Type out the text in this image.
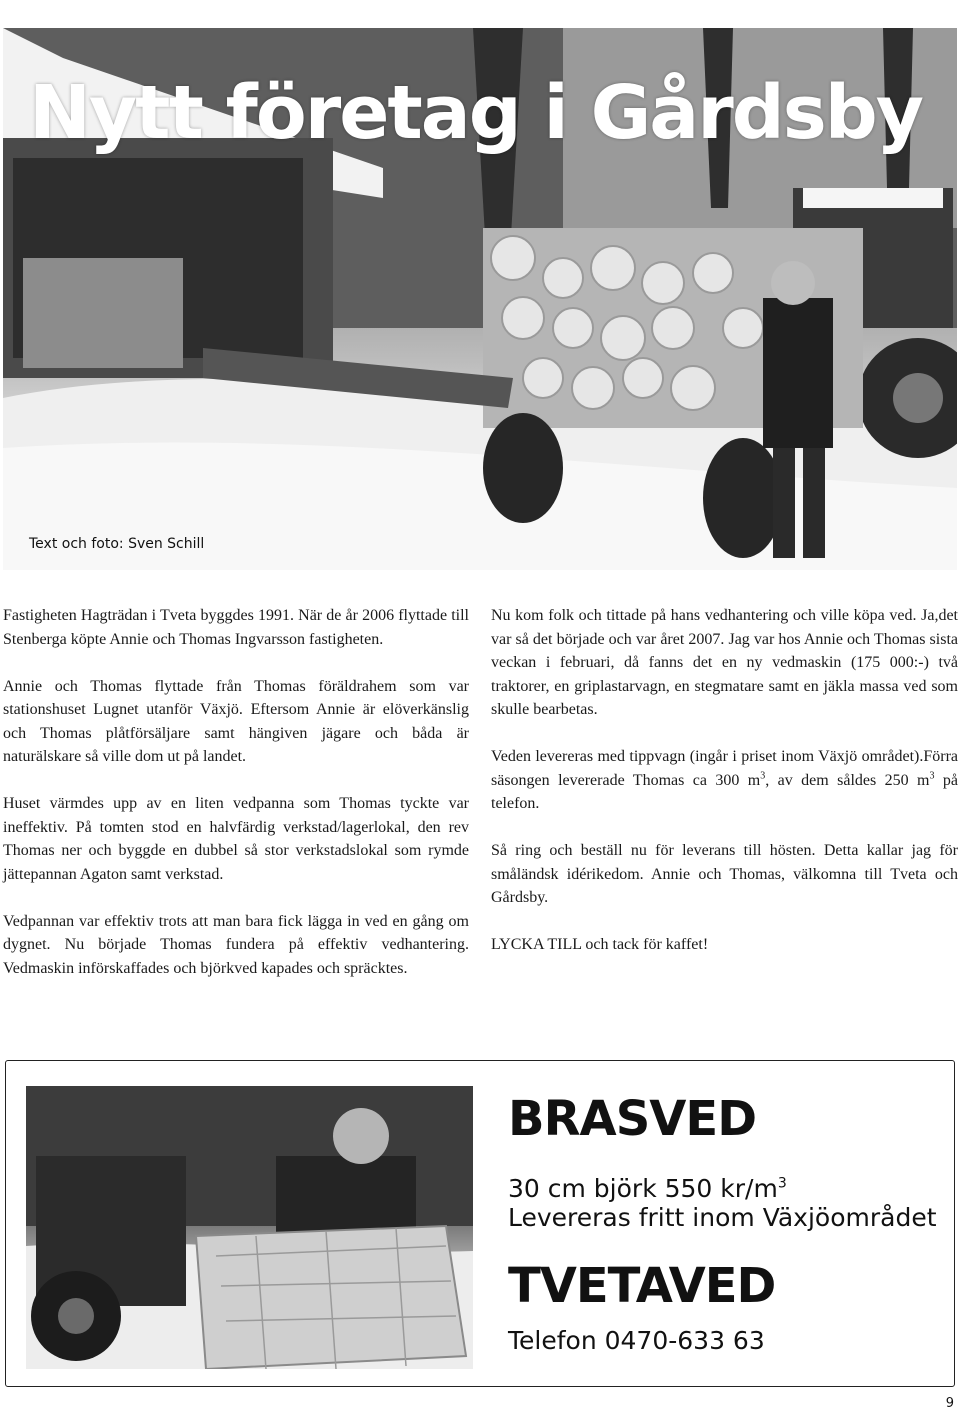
Nytt företag i Gårdsby
Text och foto: Sven Schill

Fastigheten Hagträdan i Tveta byggdes 1991. När de år 2006 flyttade till Stenberga köpte Annie och Thomas Ingvarsson fastigheten.

Annie och Thomas flyttade från Thomas föräldrahem som var stationshuset Lugnet utanför Växjö. Eftersom Annie är elöverkänslig och Thomas plåtförsäljare samt hängiven jägare och båda är naturälskare så ville dom ut på landet.

Huset värmdes upp av en liten vedpanna som Thomas tyckte var ineffektiv. På tomten stod en halvfärdig verkstad/lagerlokal, den rev Thomas ner och byggde en dubbel så stor verkstadslokal som rymde jättepannan Agaton samt verkstad.

Vedpannan var effektiv trots att man bara fick lägga in ved en gång om dygnet. Nu började Thomas fundera på effektiv vedhantering. Vedmaskin införskaffades och björkved kapades och spräcktes.

Nu kom folk och tittade på hans vedhantering och ville köpa ved. Ja,det var så det började och var året 2007. Jag var hos Annie och Thomas sista veckan i februari, då fanns det en ny vedmaskin (175 000:-) två traktorer, en griplastarvagn, en stegmatare samt en jäkla massa ved som skulle bearbetas.

Veden levereras med tippvagn (ingår i priset inom Växjö området).Förra säsongen levererade Thomas ca 300 $m^3$, av dem såldes 250 $m^3$ på telefon.

Så ring och beställ nu för leverans till hösten. Detta kallar jag för småländsk idérikedom. Annie och Thomas, välkomna till Tveta och Gårdsby.

LYCKA TILL och tack för kaffet!

BRASVED
30 cm björk 550 $kr/m^3$
Levereras fritt inom Växjöområdet
TVETAVED
Telefon 0470-633 63
9
